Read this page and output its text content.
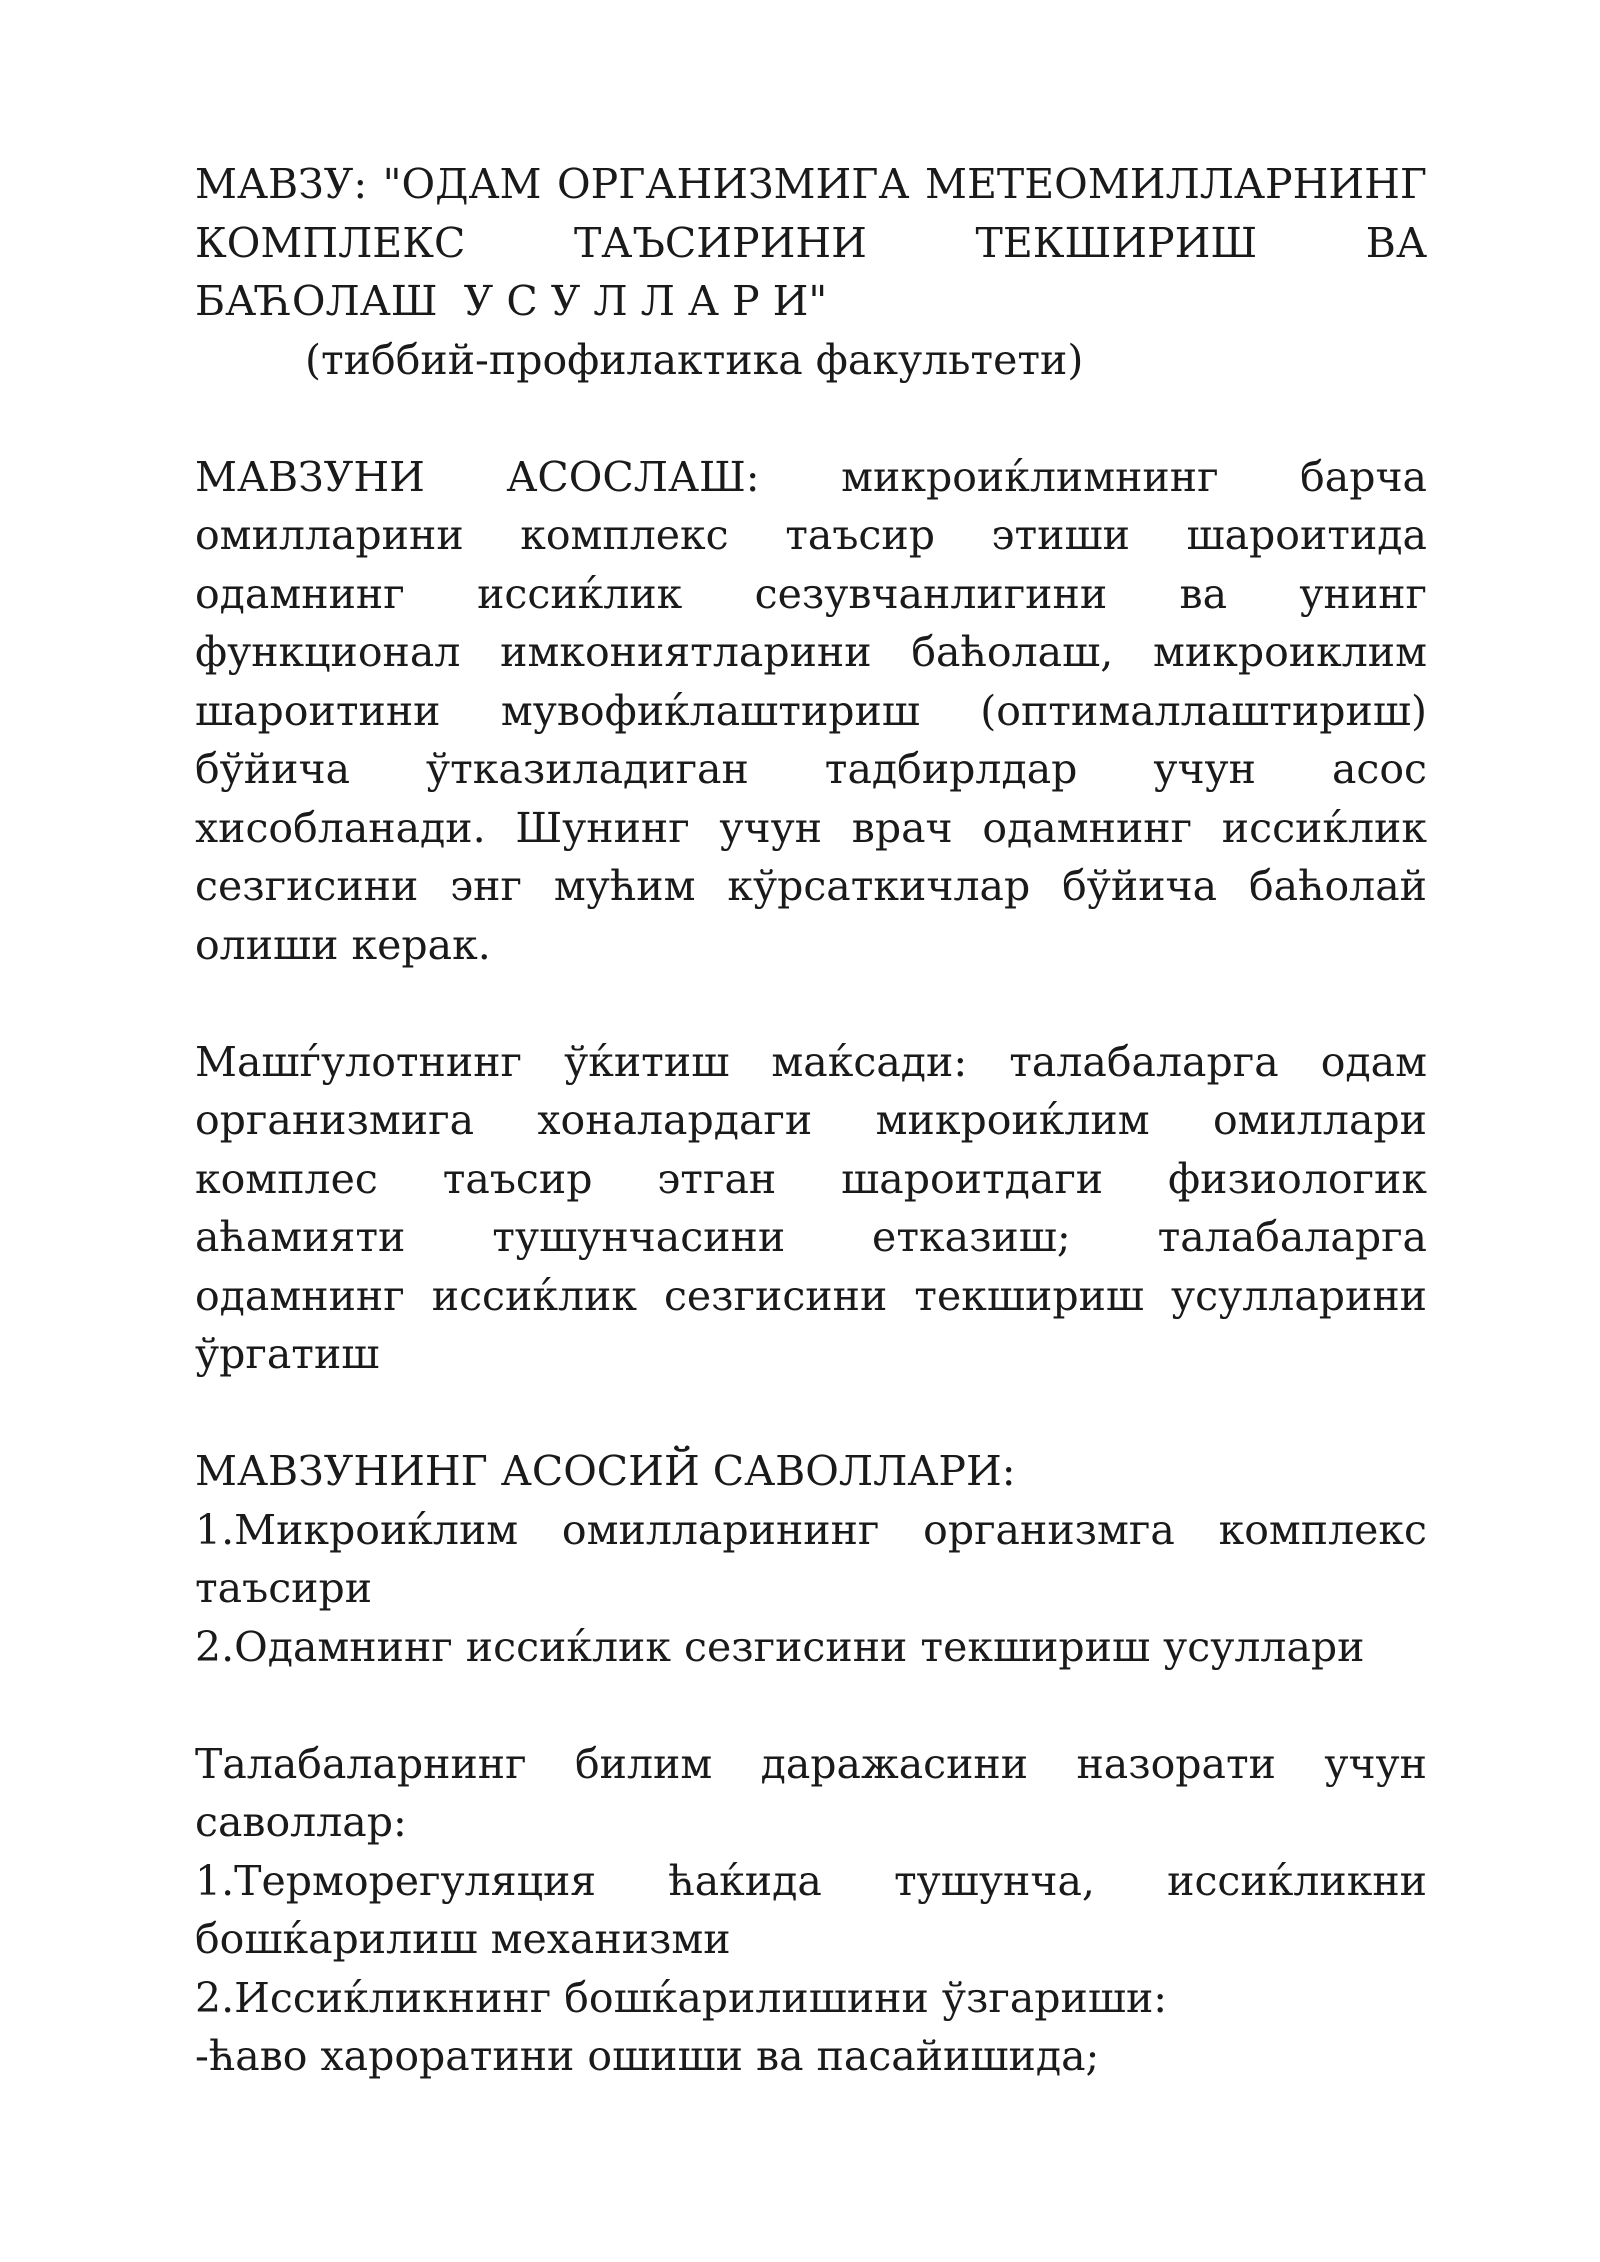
МАВЗУ: "ОДАМ ОРГАНИЗМИГА МЕТЕОМИЛЛАРНИНГ

КОМПЛЕКС ТАЪСИРИНИ ТЕКШИРИШ ВА

БАЋОЛАШ  У С У Л Л А Р И"

(тиббий-профилактика факультети)

МАВЗУНИ АСОСЛАШ: микроиќлимнинг барча омилларини комплекс таъсир этиши шароитида одамнинг иссиќлик сезувчанлигини ва унинг функционал имкониятларини баћолаш, микроиклим шароитини мувофиќлаштириш (оптималлаштириш) бўйича ўтказиладиган тадбирлдар учун асос хисобланади. Шунинг учун врач одамнинг иссиќлик сезгисини энг мућим кўрсаткичлар бўйича баћолай олиши керак.

Машѓулотнинг ўќитиш маќсади: талабаларга одам организмига хоналардаги микроиќлим омиллари комплес таъсир этган шароитдаги физиологик аћамияти тушунчасини етказиш; талабаларга одамнинг иссиќлик сезгисини текшириш усулларини ўргатиш

МАВЗУНИНГ АСОСИЙ САВОЛЛАРИ:

1.Микроиќлим омилларининг организмга комплекс таъсири

2.Одамнинг иссиќлик сезгисини текшириш усуллари

Талабаларнинг билим даражасини назорати учун саволлар:

1.Терморегуляция ћаќида тушунча, иссиќликни бошќарилиш механизми

2.Иссиќликнинг бошќарилишини ўзгариши:

-ћаво хароратини ошиши ва пасайишида;
